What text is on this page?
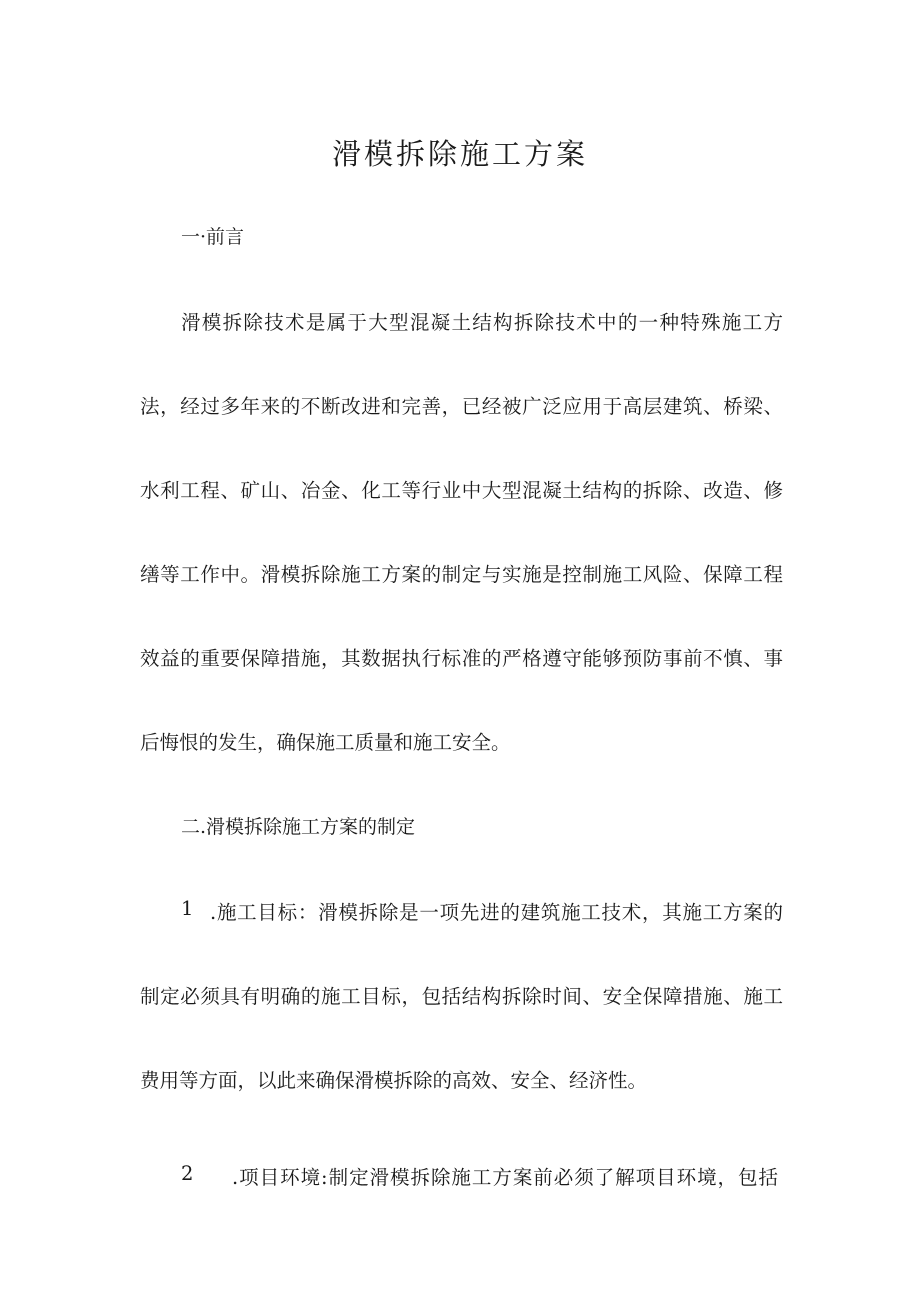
滑模拆除施工方案

一·前言

滑模拆除技术是属于大型混凝土结构拆除技术中的一种特殊施工方

法，经过多年来的不断改进和完善，已经被广泛应用于高层建筑、桥梁、

水利工程、矿山、冶金、化工等行业中大型混凝土结构的拆除、改造、修

缮等工作中。滑模拆除施工方案的制定与实施是控制施工风险、保障工程

效益的重要保障措施，其数据执行标准的严格遵守能够预防事前不慎、事

后悔恨的发生，确保施工质量和施工安全。

二.滑模拆除施工方案的制定

1 .施工目标：滑模拆除是一项先进的建筑施工技术，其施工方案的

制定必须具有明确的施工目标，包括结构拆除时间、安全保障措施、施工

费用等方面，以此来确保滑模拆除的高效、安全、经济性。

2 .项目环境:制定滑模拆除施工方案前必须了解项目环境，包括
